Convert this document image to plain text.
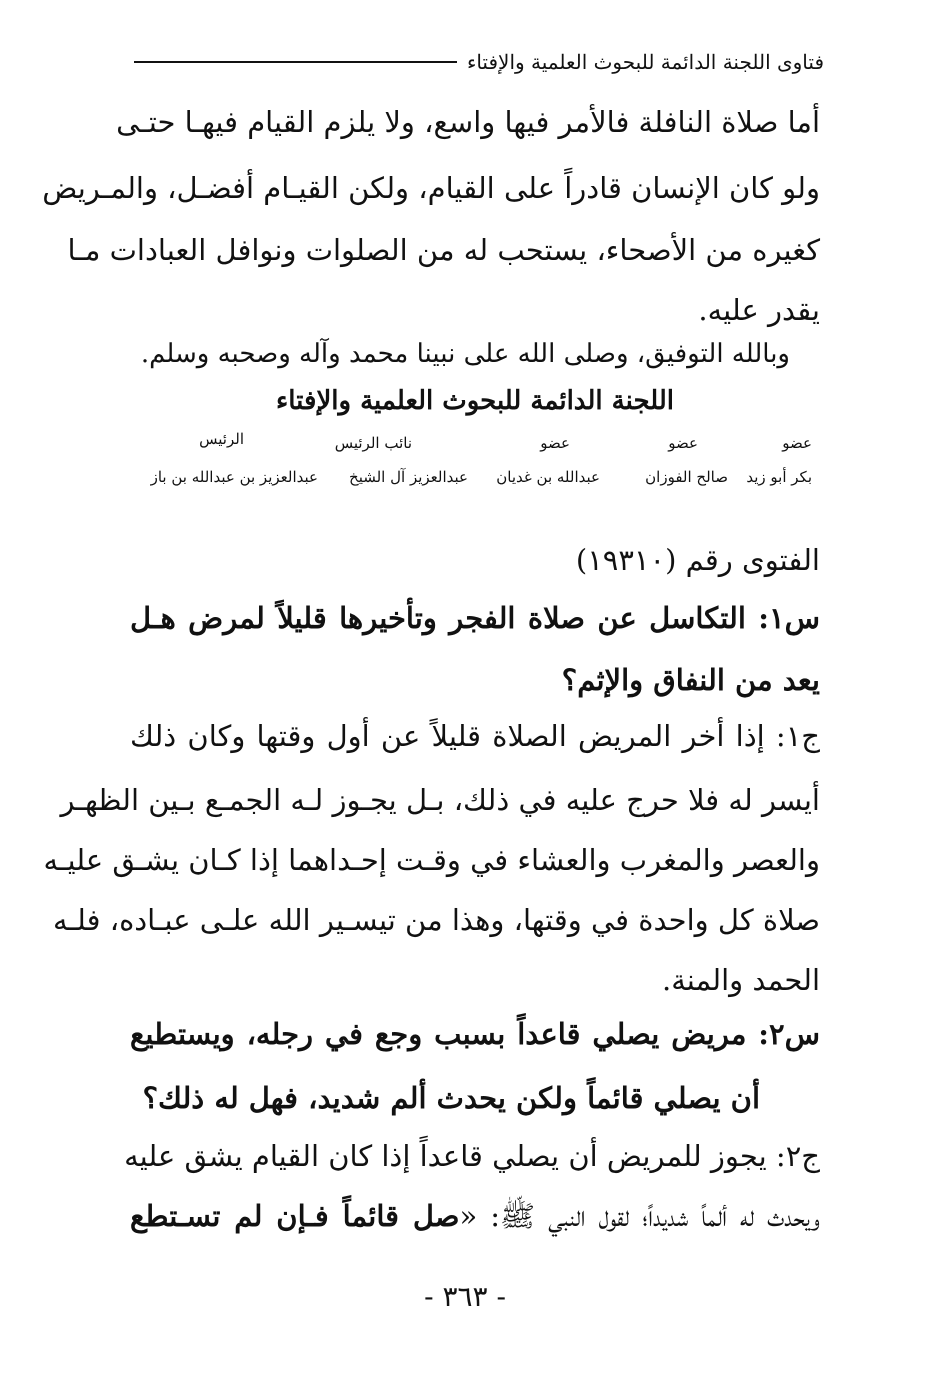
فتاوى اللجنة الدائمة للبحوث العلمية والإفتاء
أما صلاة النافلة فالأمر فيها واسع، ولا يلزم القيام فيهـا حتـى
ولو كان الإنسان قادراً على القيام، ولكن القيـام أفضـل، والمـريض
كغيره من الأصحاء، يستحب له من الصلوات ونوافل العبادات مـا
يقدر عليه.
وبالله التوفيق، وصلى الله على نبينا محمد وآله وصحبه وسلم.
اللجنة الدائمة للبحوث العلمية والإفتاء
عضو
عضو
عضو
نائب الرئيس
الرئيس
بكر أبو زيد
صالح الفوزان
عبدالله بن غديان
عبدالعزيز آل الشيخ
عبدالعزيز بن عبدالله بن باز
الفتوى رقم (١٩٣١٠)
س١: التكاسل عن صلاة الفجر وتأخيرها قليلاً لمرض هـل
يعد من النفاق والإثم؟
ج١: إذا أخر المريض الصلاة قليلاً عن أول وقتها وكان ذلك
أيسر له فلا حرج عليه في ذلك، بـل يجـوز لـه الجمـع بـين الظهـر
والعصر والمغرب والعشاء في وقـت إحـداهما إذا كـان يشـق عليـه
صلاة كل واحدة في وقتها، وهذا من تيسـير الله علـى عبـاده، فلـه
الحمد والمنة.
س٢: مريض يصلي قاعداً بسبب وجع في رجله، ويستطيع
أن يصلي قائماً ولكن يحدث ألم شديد، فهل له ذلك؟
ج٢: يجوز للمريض أن يصلي قاعداً إذا كان القيام يشق عليه
ويحدث له ألماً شديداً؛ لقول النبي ﷺ: «صل قائماً فـإن لم تسـتطع
- ٣٦٣ -
